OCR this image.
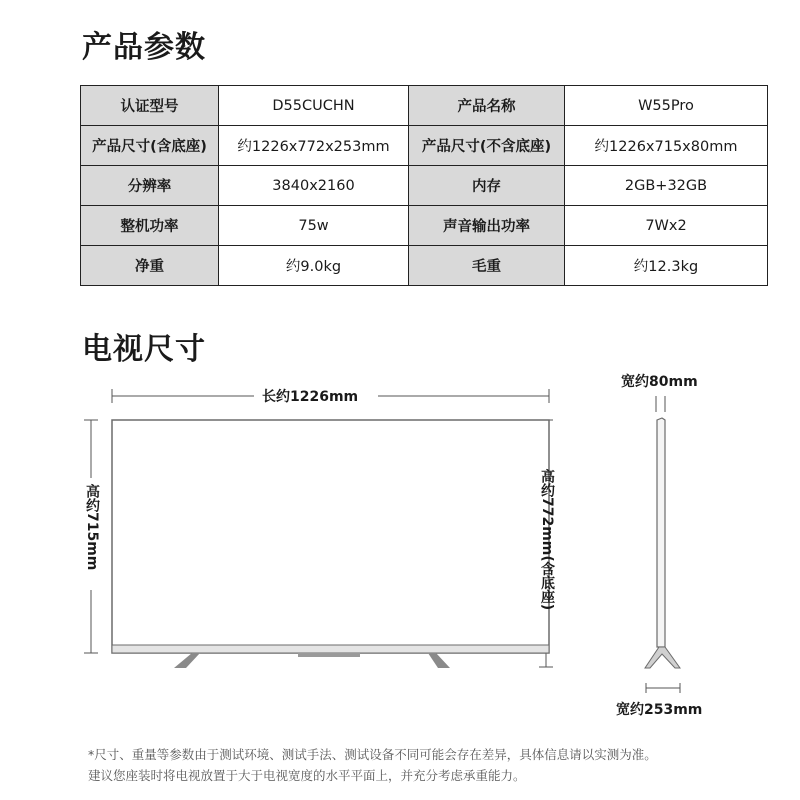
产品参数
认证型号	D55CUCHN	产品名称	W55Pro
产品尺寸(含底座)	约1226x772x253mm	产品尺寸(不含底座)	约1226x715x80mm
分辨率	3840x2160	内存	2GB+32GB
整机功率	75w	声音输出功率	7Wx2
净重	约9.0kg	毛重	约12.3kg
电视尺寸
长约1226mm
高约715mm	高约772mm(含底座)
宽约80mm
宽约253mm
*尺寸、重量等参数由于测试环境、测试手法、测试设备不同可能会存在差异，具体信息请以实测为准。
建议您座装时将电视放置于大于电视宽度的水平平面上，并充分考虑承重能力。
